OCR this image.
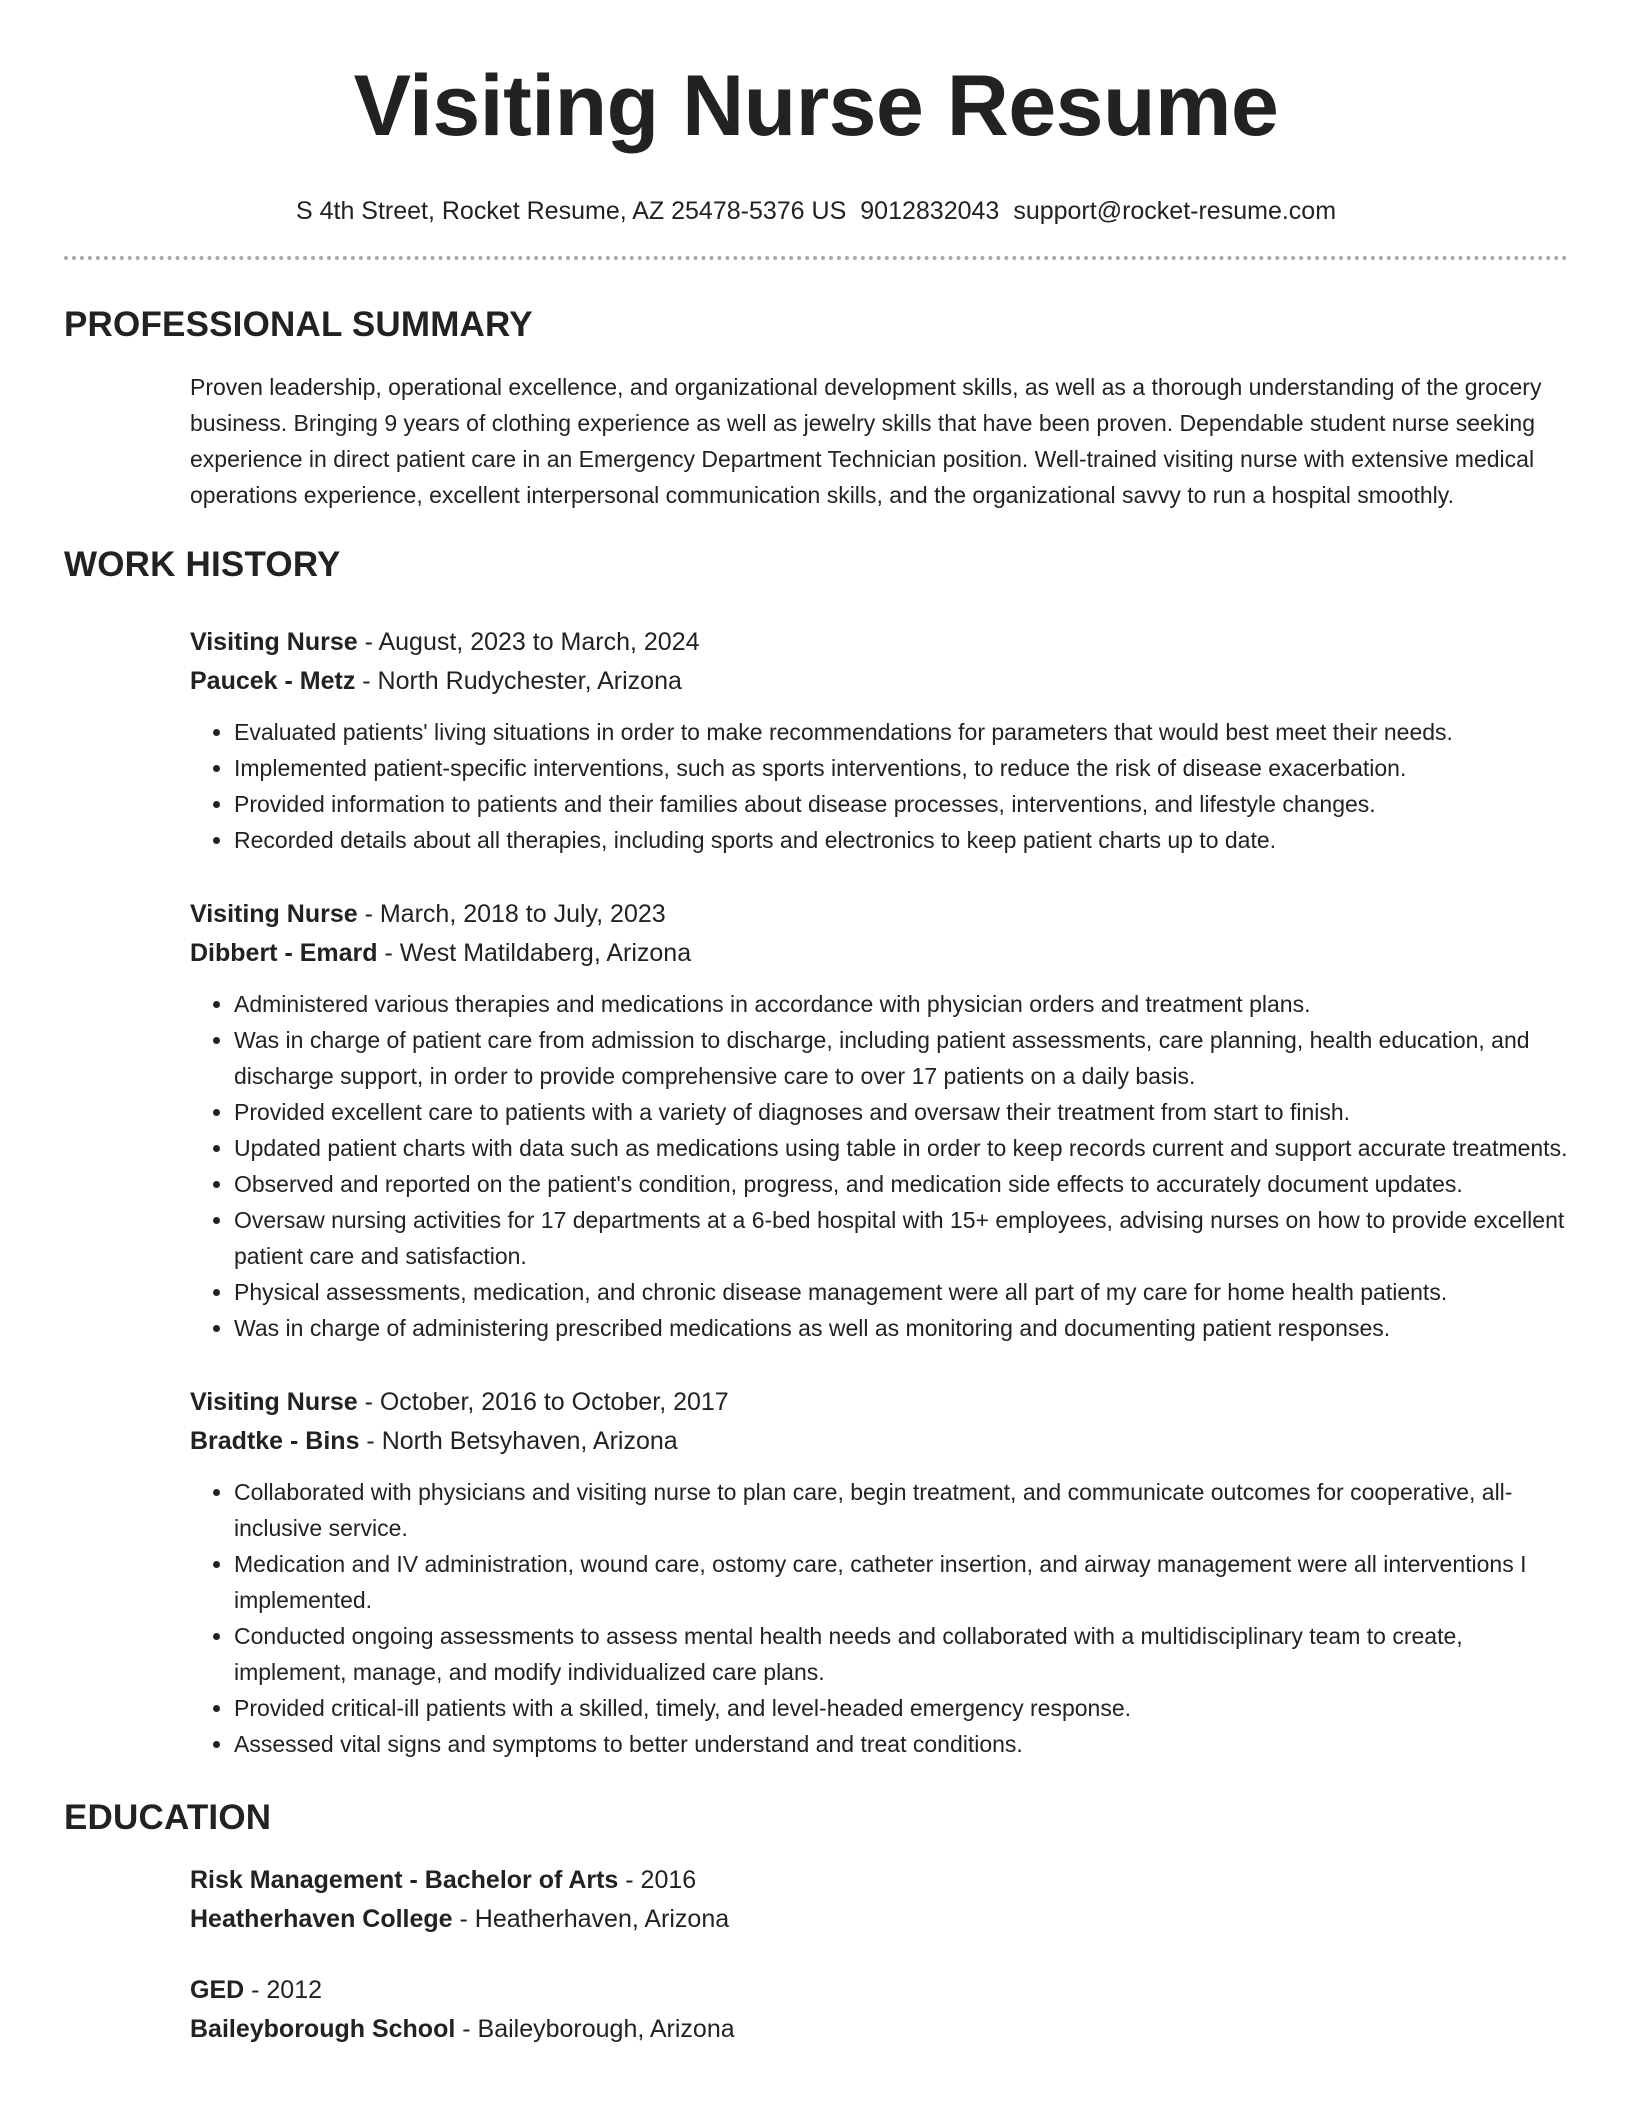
Visiting Nurse Resume
S 4th Street, Rocket Resume, AZ 25478-5376 US 9012832043 support@rocket-resume.com
PROFESSIONAL SUMMARY

Proven leadership, operational excellence, and organizational development skills, as well as a thorough understanding of the grocery business. Bringing 9 years of clothing experience as well as jewelry skills that have been proven. Dependable student nurse seeking experience in direct patient care in an Emergency Department Technician position. Well-trained visiting nurse with extensive medical operations experience, excellent interpersonal communication skills, and the organizational savvy to run a hospital smoothly.

WORK HISTORY
Visiting Nurse - August, 2023 to March, 2024
Paucek - Metz - North Rudychester, Arizona
• Evaluated patients' living situations in order to make recommendations for parameters that would best meet their needs.
• Implemented patient-specific interventions, such as sports interventions, to reduce the risk of disease exacerbation.
• Provided information to patients and their families about disease processes, interventions, and lifestyle changes.
• Recorded details about all therapies, including sports and electronics to keep patient charts up to date.
Visiting Nurse - March, 2018 to July, 2023
Dibbert - Emard - West Matildaberg, Arizona
• Administered various therapies and medications in accordance with physician orders and treatment plans.
• Was in charge of patient care from admission to discharge, including patient assessments, care planning, health education, and discharge support, in order to provide comprehensive care to over 17 patients on a daily basis.
• Provided excellent care to patients with a variety of diagnoses and oversaw their treatment from start to finish.
• Updated patient charts with data such as medications using table in order to keep records current and support accurate treatments.
• Observed and reported on the patient's condition, progress, and medication side effects to accurately document updates.
• Oversaw nursing activities for 17 departments at a 6-bed hospital with 15+ employees, advising nurses on how to provide excellent patient care and satisfaction.
• Physical assessments, medication, and chronic disease management were all part of my care for home health patients.
• Was in charge of administering prescribed medications as well as monitoring and documenting patient responses.
Visiting Nurse - October, 2016 to October, 2017
Bradtke - Bins - North Betsyhaven, Arizona
• Collaborated with physicians and visiting nurse to plan care, begin treatment, and communicate outcomes for cooperative, all-inclusive service.
• Medication and IV administration, wound care, ostomy care, catheter insertion, and airway management were all interventions I implemented.
• Conducted ongoing assessments to assess mental health needs and collaborated with a multidisciplinary team to create, implement, manage, and modify individualized care plans.
• Provided critical-ill patients with a skilled, timely, and level-headed emergency response.
• Assessed vital signs and symptoms to better understand and treat conditions.
EDUCATION
Risk Management - Bachelor of Arts - 2016
Heatherhaven College - Heatherhaven, Arizona
GED - 2012
Baileyborough School - Baileyborough, Arizona
